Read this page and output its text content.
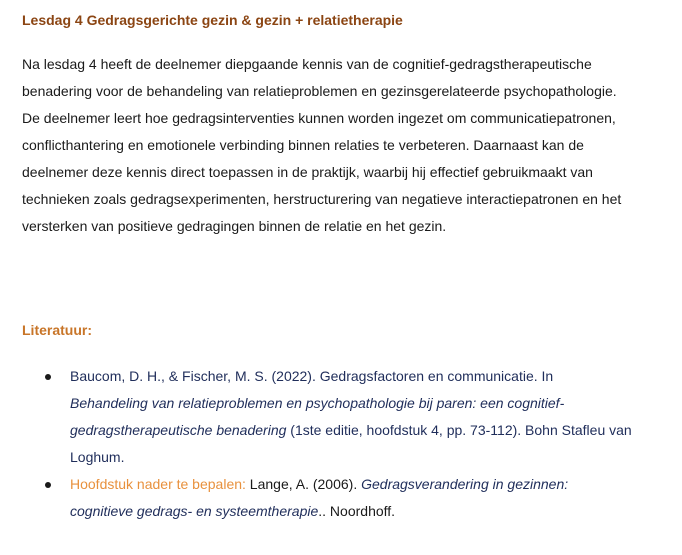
Lesdag 4 Gedragsgerichte gezin & gezin + relatietherapie

Na lesdag 4 heeft de deelnemer diepgaande kennis van de cognitief-gedragstherapeutische benadering voor de behandeling van relatieproblemen en gezinsgerelateerde psychopathologie. De deelnemer leert hoe gedragsinterventies kunnen worden ingezet om communicatiepatronen, conflicthantering en emotionele verbinding binnen relaties te verbeteren. Daarnaast kan de deelnemer deze kennis direct toepassen in de praktijk, waarbij hij effectief gebruikmaakt van technieken zoals gedragsexperimenten, herstructurering van negatieve interactiepatronen en het versterken van positieve gedragingen binnen de relatie en het gezin.

Literatuur:
Baucom, D. H., & Fischer, M. S. (2022). Gedragsfactoren en communicatie. In Behandeling van relatieproblemen en psychopathologie bij paren: een cognitief-gedragstherapeutische benadering (1ste editie, hoofdstuk 4, pp. 73-112). Bohn Stafleu van Loghum.
Hoofdstuk nader te bepalen: Lange, A. (2006). Gedragsverandering in gezinnen: cognitieve gedrags- en systeemtherapie.. Noordhoff.
